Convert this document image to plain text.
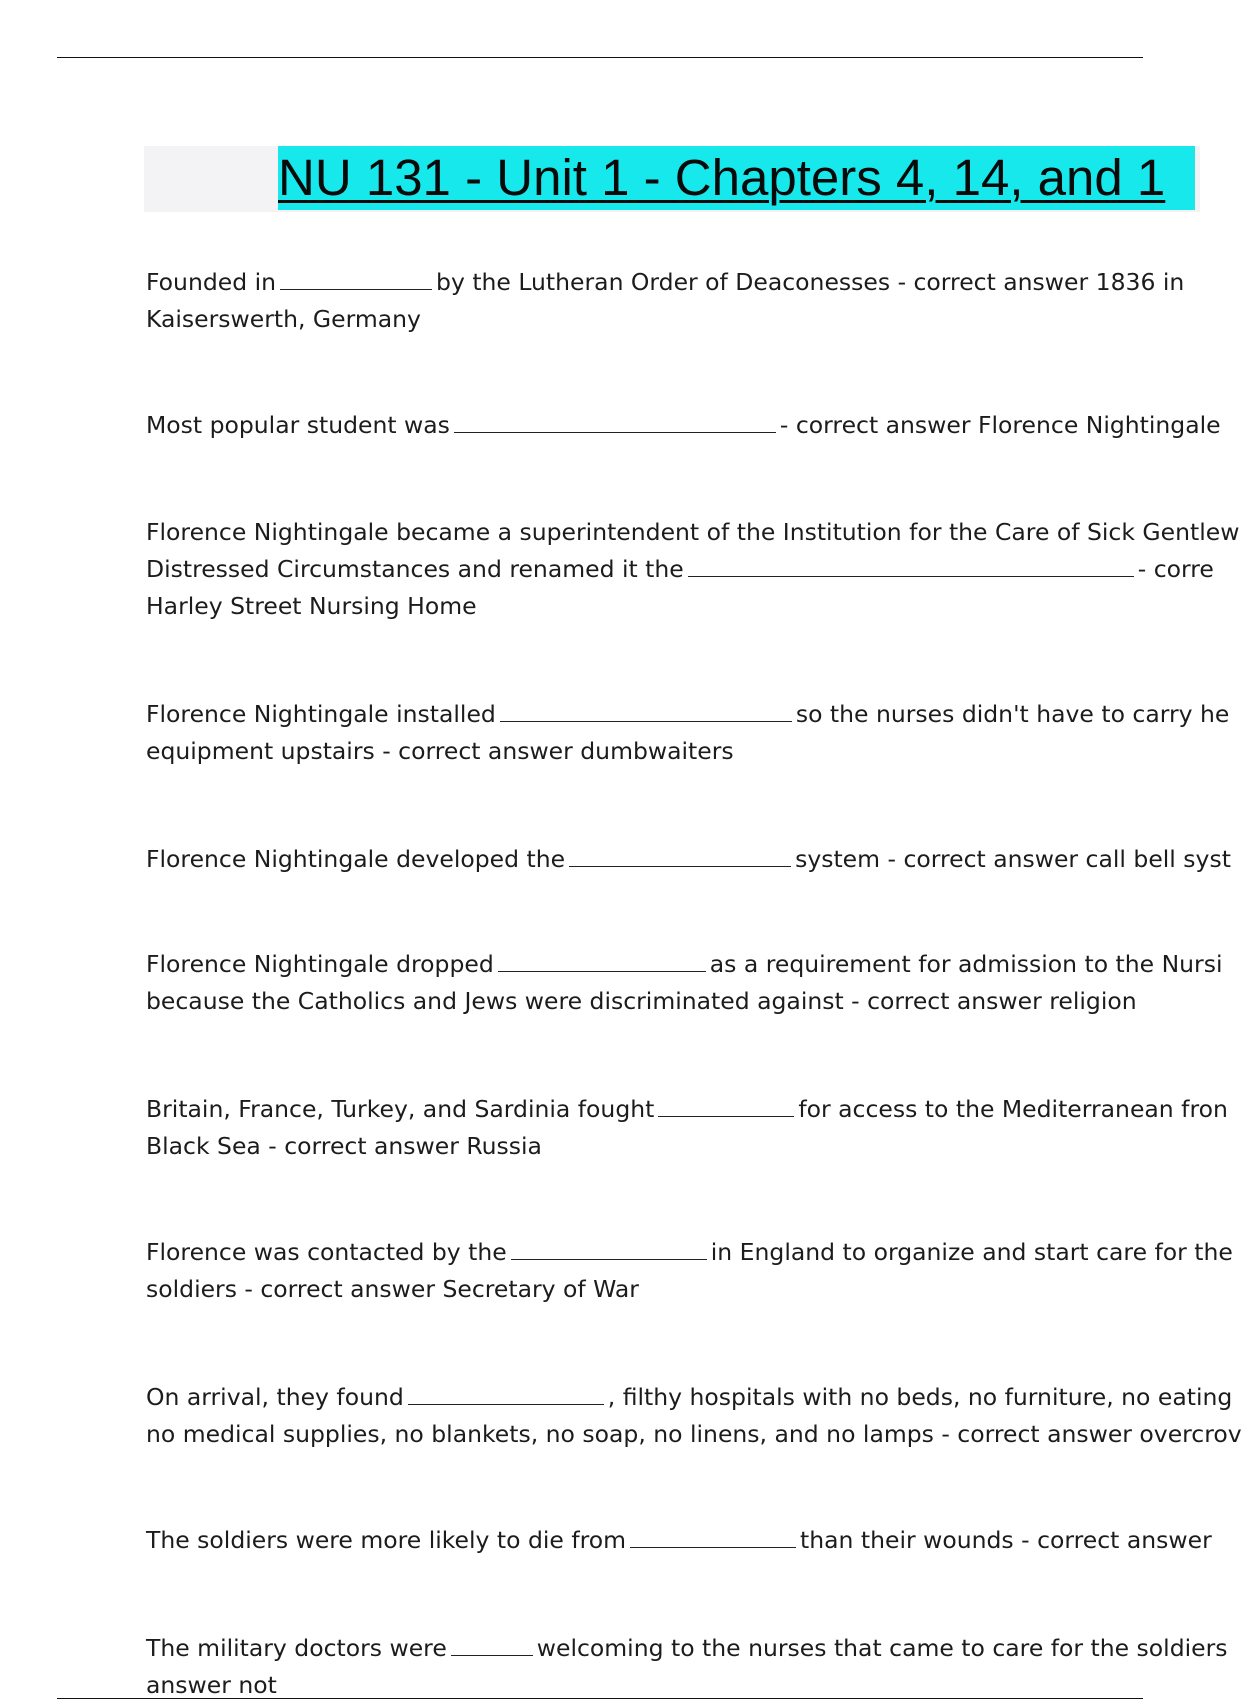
NU 131 - Unit 1 - Chapters 4, 14, and 1
Founded in	by the Lutheran Order of Deaconesses - correct answer 1836 in
Kaiserswerth, Germany
Most popular student was	- correct answer Florence Nightingale
Florence Nightingale became a superintendent of the Institution for the Care of Sick Gentlew
Distressed Circumstances and renamed it the	- corre
Harley Street Nursing Home
Florence Nightingale installed	so the nurses didn't have to carry he
equipment upstairs - correct answer dumbwaiters
Florence Nightingale developed the	system - correct answer call bell syst
Florence Nightingale dropped	as a requirement for admission to the Nursi
because the Catholics and Jews were discriminated against - correct answer religion
Britain, France, Turkey, and Sardinia fought	for access to the Mediterranean fron
Black Sea - correct answer Russia
Florence was contacted by the	in England to organize and start care for the
soldiers - correct answer Secretary of War
On arrival, they found	, filthy hospitals with no beds, no furniture, no eating
no medical supplies, no blankets, no soap, no linens, and no lamps - correct answer overcrov
The soldiers were more likely to die from	than their wounds - correct answer
The military doctors were	welcoming to the nurses that came to care for the soldiers
answer not
